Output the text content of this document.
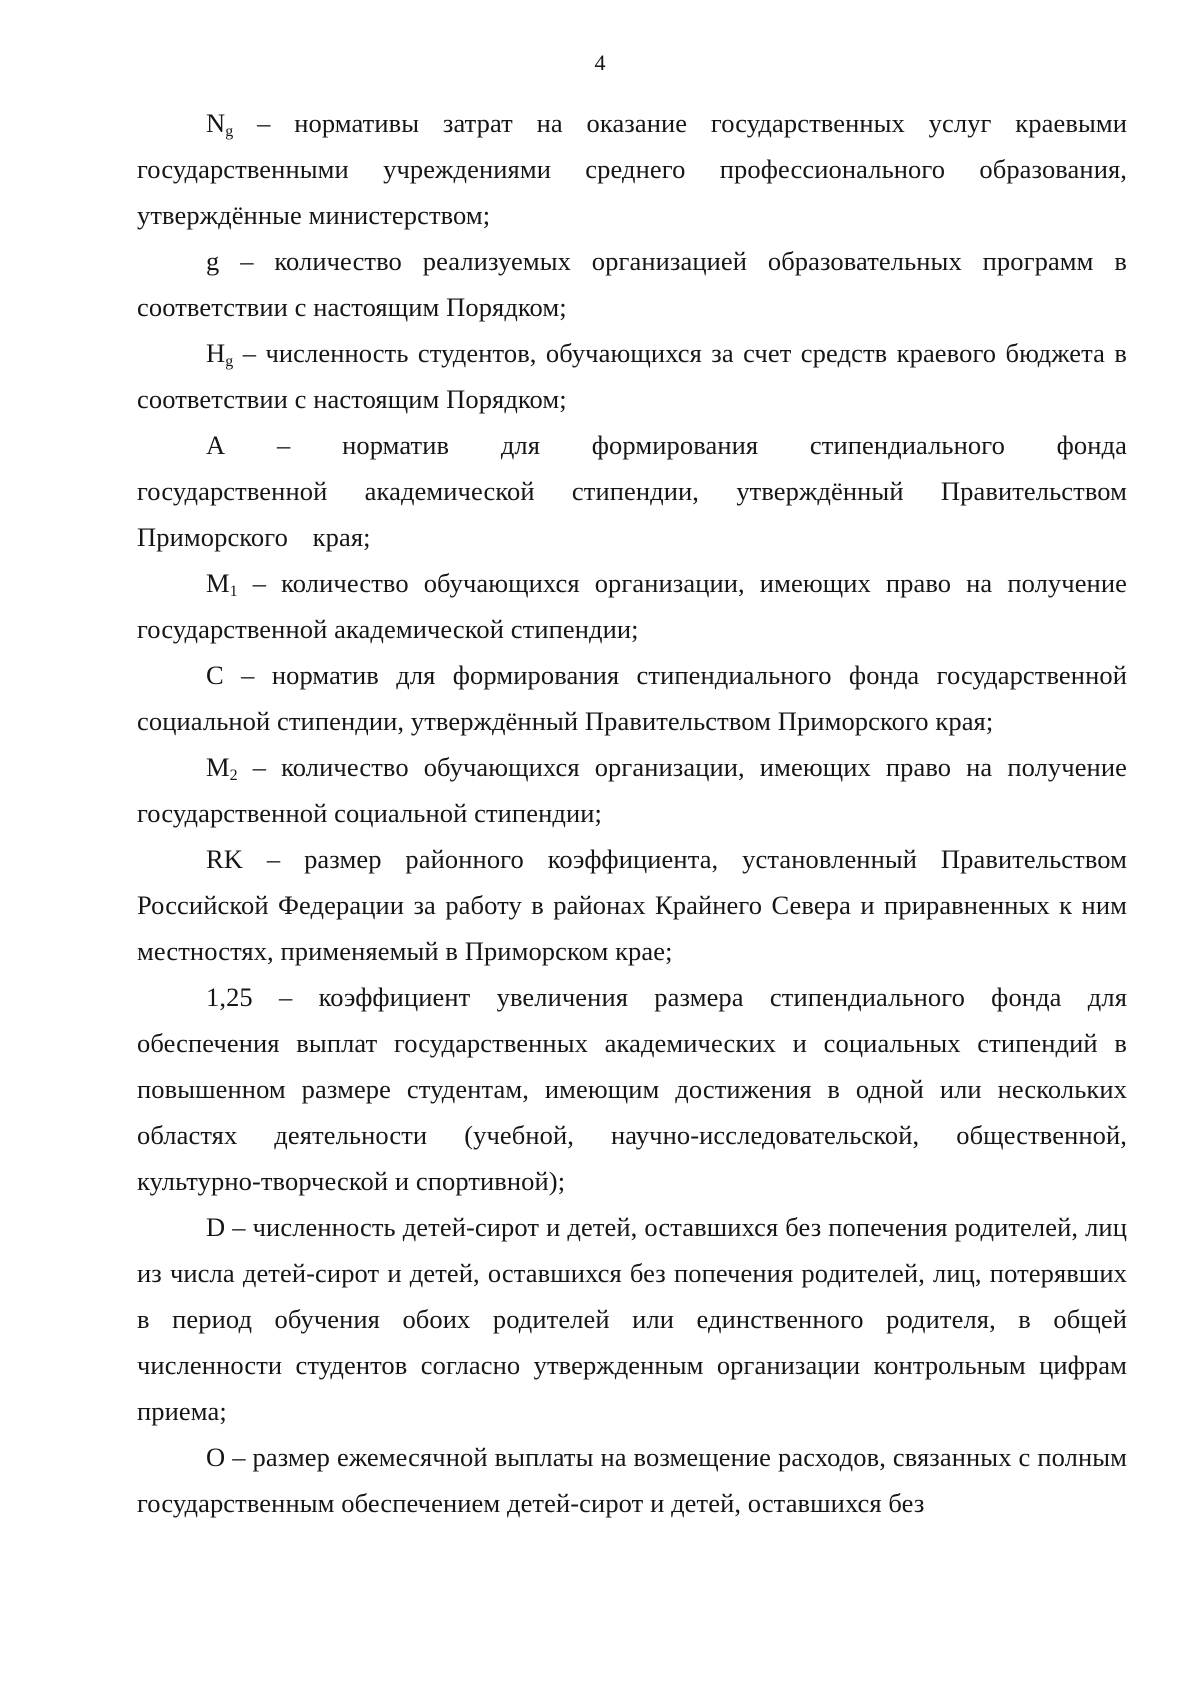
4

$N_g$ – нормативы затрат на оказание государственных услуг краевыми государственными учреждениями среднего профессионального образования, утверждённые министерством;

g – количество реализуемых организацией образовательных программ в соответствии с настоящим Порядком;

$H_g$ – численность студентов, обучающихся за счет средств краевого бюджета в соответствии с настоящим Порядком;

А – норматив для формирования стипендиального фонда государственной академической стипендии, утверждённый Правительством Приморского края;

$M_1$ – количество обучающихся организации, имеющих право на получение государственной академической стипендии;

С – норматив для формирования стипендиального фонда государственной социальной стипендии, утверждённый Правительством Приморского края;

$M_2$ – количество обучающихся организации, имеющих право на получение государственной социальной стипендии;

RK – размер районного коэффициента, установленный Правительством Российской Федерации за работу в районах Крайнего Севера и приравненных к ним местностях, применяемый в Приморском крае;

1,25 – коэффициент увеличения размера стипендиального фонда для обеспечения выплат государственных академических и социальных стипендий в повышенном размере студентам, имеющим достижения в одной или нескольких областях деятельности (учебной, научно-исследовательской, общественной, культурно-творческой и спортивной);

D – численность детей-сирот и детей, оставшихся без попечения родителей, лиц из числа детей-сирот и детей, оставшихся без попечения родителей, лиц, потерявших в период обучения обоих родителей или единственного родителя, в общей численности студентов согласно утвержденным организации контрольным цифрам приема;

О – размер ежемесячной выплаты на возмещение расходов, связанных с полным государственным обеспечением детей-сирот и детей, оставшихся без
